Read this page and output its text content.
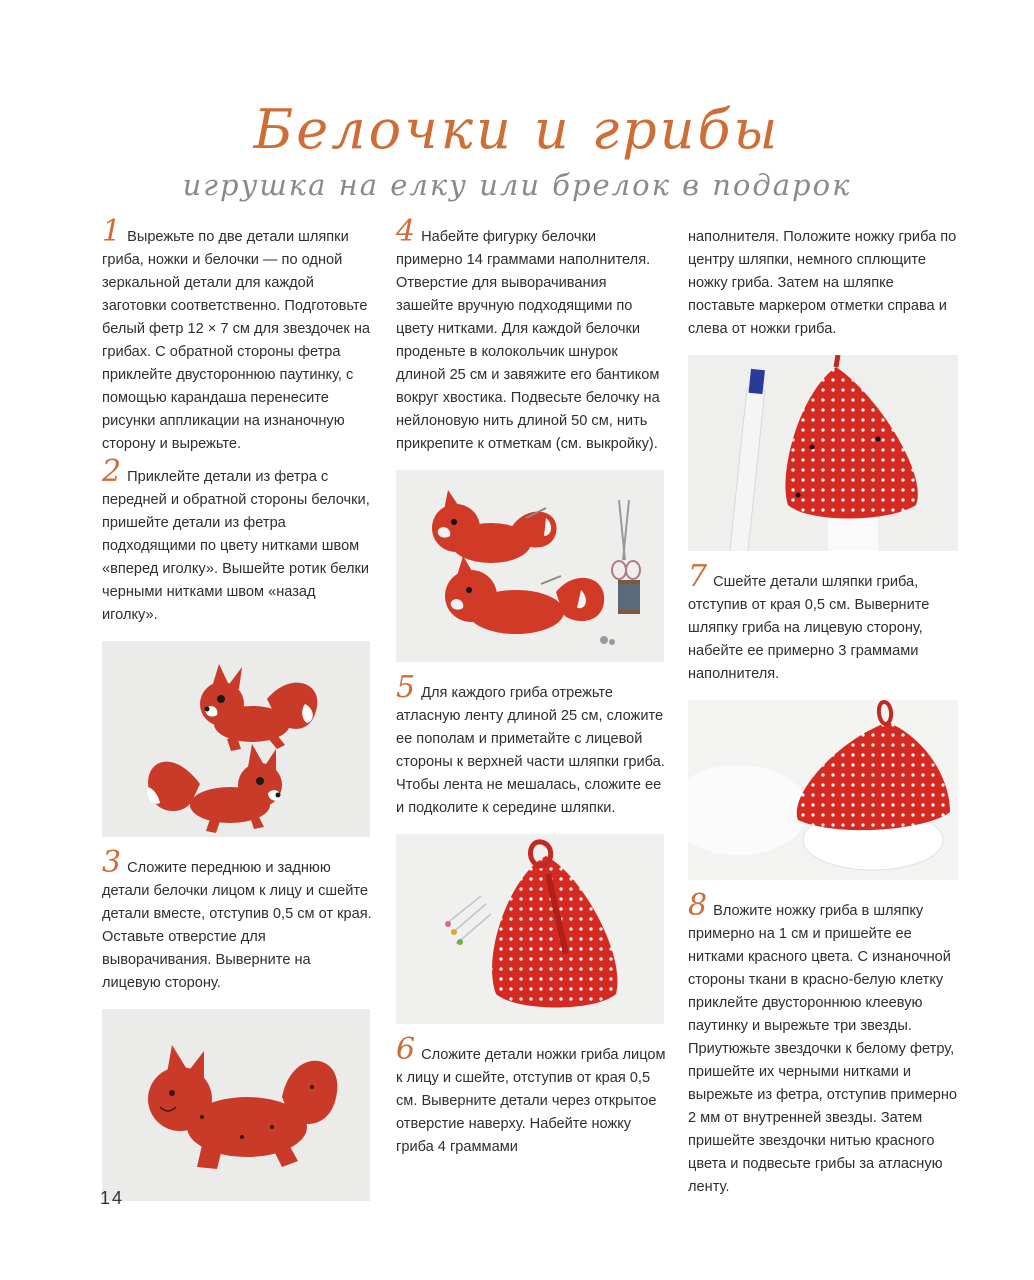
Белочки и грибы
игрушка на елку или брелок в подарок

1 Вырежьте по две детали шляпки гриба, ножки и белочки — по одной зеркальной детали для каждой заготовки соответственно. Подготовьте белый фетр 12 × 7 см для звездочек на грибах. С обратной стороны фетра приклейте двустороннюю паутинку, с помощью карандаша перенесите рисунки аппликации на изнаночную сторону и вырежьте.

2 Приклейте детали из фетра с передней и обратной стороны белочки, пришейте детали из фетра подходящими по цвету нитками швом «вперед иголку». Вышейте ротик белки черными нитками швом «назад иголку».

3 Сложите переднюю и заднюю детали белочки лицом к лицу и сшейте детали вместе, отступив 0,5 см от края. Оставьте отверстие для выворачивания. Выверните на лицевую сторону.

4 Набейте фигурку белочки примерно 14 граммами наполнителя. Отверстие для выворачивания зашейте вручную подходящими по цвету нитками. Для каждой белочки проденьте в колокольчик шнурок длиной 25 см и завяжите его бантиком вокруг хвостика. Подвесьте белочку на нейлоновую нить длиной 50 см, нить прикрепите к отметкам (см. выкройку).

5 Для каждого гриба отрежьте атласную ленту длиной 25 см, сложите ее пополам и приметайте с лицевой стороны к верхней части шляпки гриба. Чтобы лента не мешалась, сложите ее и подколите к середине шляпки.

6 Сложите детали ножки гриба лицом к лицу и сшейте, отступив от края 0,5 см. Выверните детали через открытое отверстие наверху. Набейте ножку гриба 4 граммами

наполнителя. Положите ножку гриба по центру шляпки, немного сплющите ножку гриба. Затем на шляпке поставьте маркером отметки справа и слева от ножки гриба.

7 Сшейте детали шляпки гриба, отступив от края 0,5 см. Выверните шляпку гриба на лицевую сторону, набейте ее примерно 3 граммами наполнителя.

8 Вложите ножку гриба в шляпку примерно на 1 см и пришейте ее нитками красного цвета. С изнаночной стороны ткани в красно-белую клетку приклейте двустороннюю клеевую паутинку и вырежьте три звезды. Приутюжьте звездочки к белому фетру, пришейте их черными нитками и вырежьте из фетра, отступив примерно 2 мм от внутренней звезды. Затем пришейте звездочки нитью красного цвета и подвесьте грибы за атласную ленту.

14
